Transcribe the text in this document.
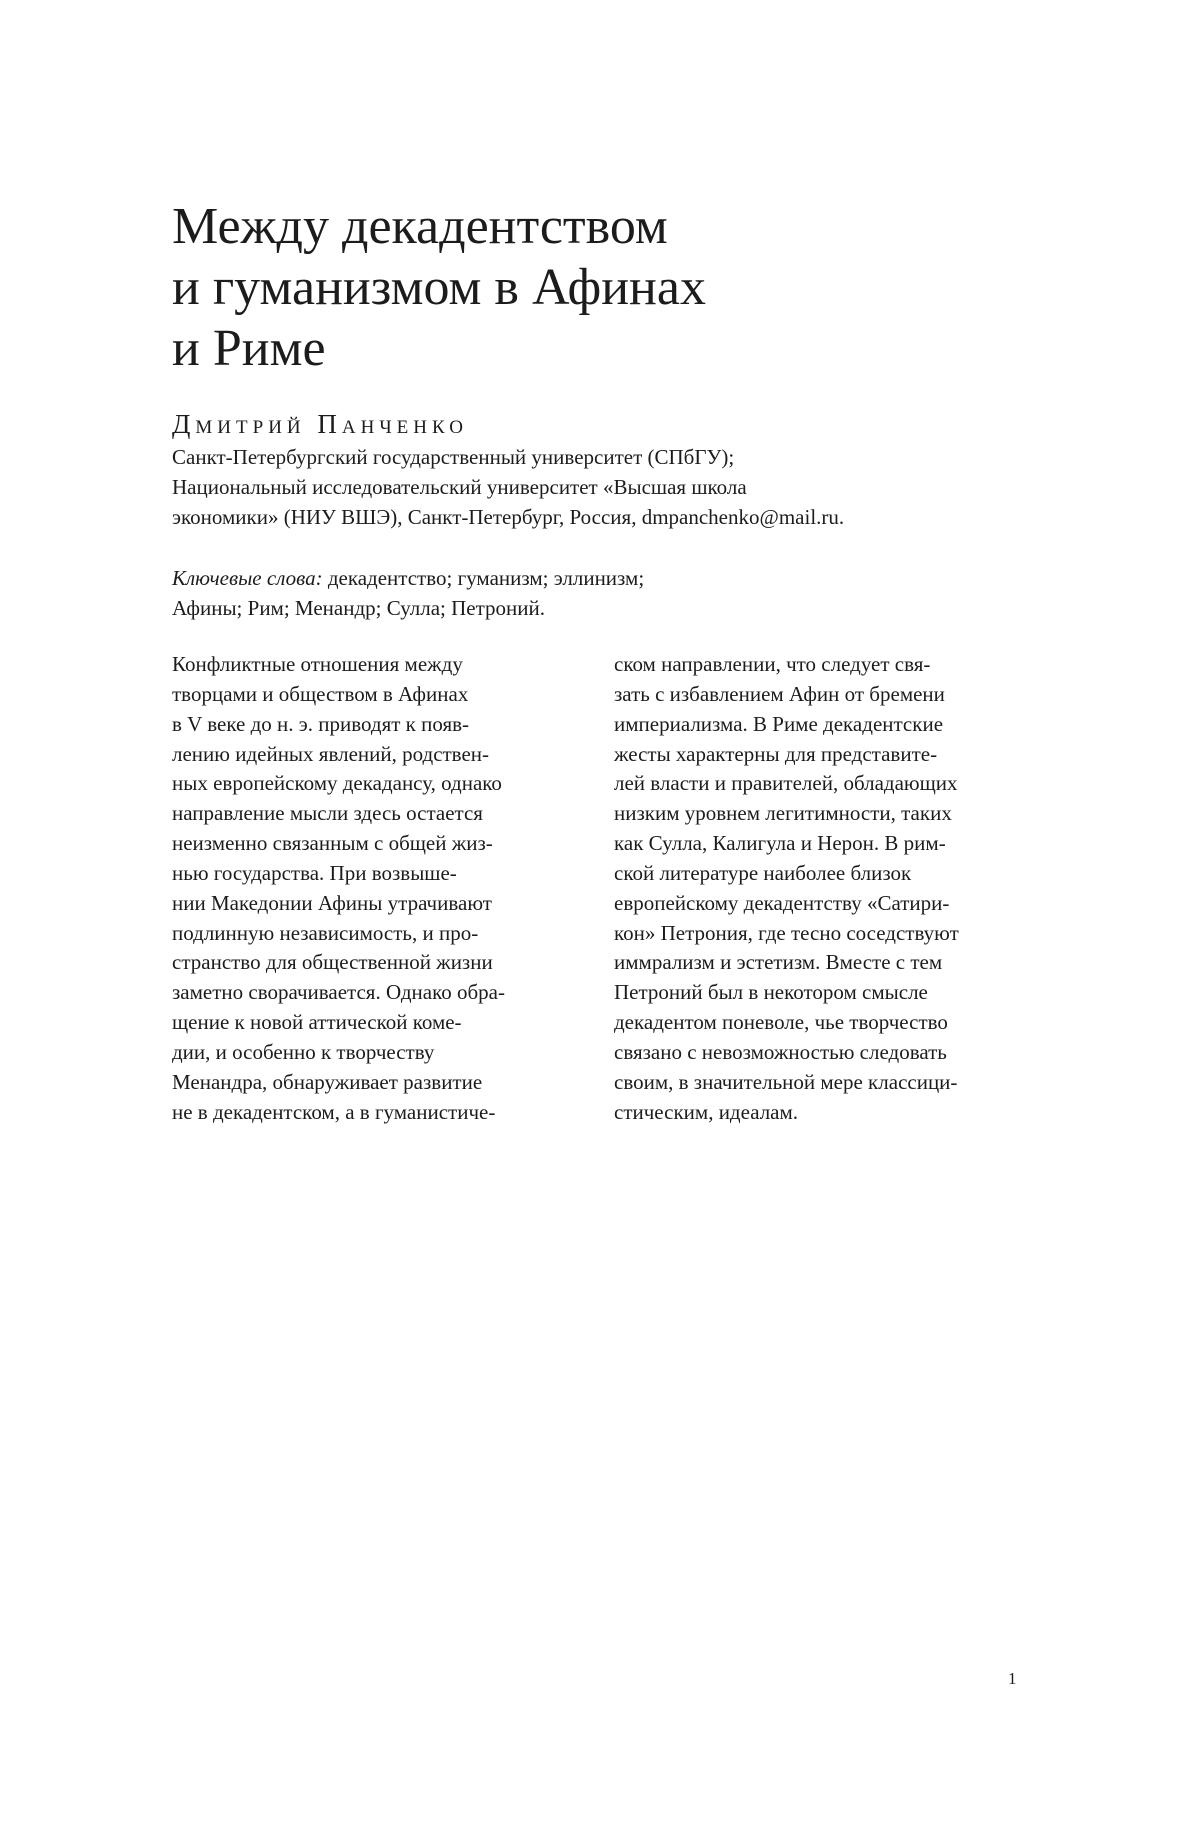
Между декадентством
и гуманизмом в Афинах
и Риме
Дмитрий Панченко
Санкт-Петербургский государственный университет (СПбГУ);
Национальный исследовательский университет «Высшая школа
экономики» (НИУ ВШЭ), Санкт-Петербург, Россия, dmpanchenko@mail.ru.
Ключевые слова: декадентство; гуманизм; эллинизм;
Афины; Рим; Менандр; Сулла; Петроний.
Конфликтные отношения между
творцами и обществом в Афинах
в V веке до н. э. приводят к появ-
лению идейных явлений, родствен-
ных европейскому декадансу, однако
направление мысли здесь остается
неизменно связанным с общей жиз-
нью государства. При возвыше-
нии Македонии Афины утрачивают
подлинную независимость, и про-
странство для общественной жизни
заметно сворачивается. Однако обра-
щение к новой аттической коме-
дии, и особенно к творчеству
Менандра, обнаруживает развитие
не в декадентском, а в гуманистиче-
ском направлении, что следует свя-
зать с избавлением Афин от бремени
империализма. В Риме декадентские
жесты характерны для представите-
лей власти и правителей, обладающих
низким уровнем легитимности, таких
как Сулла, Калигула и Нерон. В рим-
ской литературе наиболее близок
европейскому декадентству «Сатири-
кон» Петрония, где тесно соседствуют
иммрализм и эстетизм. Вместе с тем
Петроний был в некотором смысле
декадентом поневоле, чье творчество
связано с невозможностью следовать
своим, в значительной мере классици-
стическим, идеалам.
1
